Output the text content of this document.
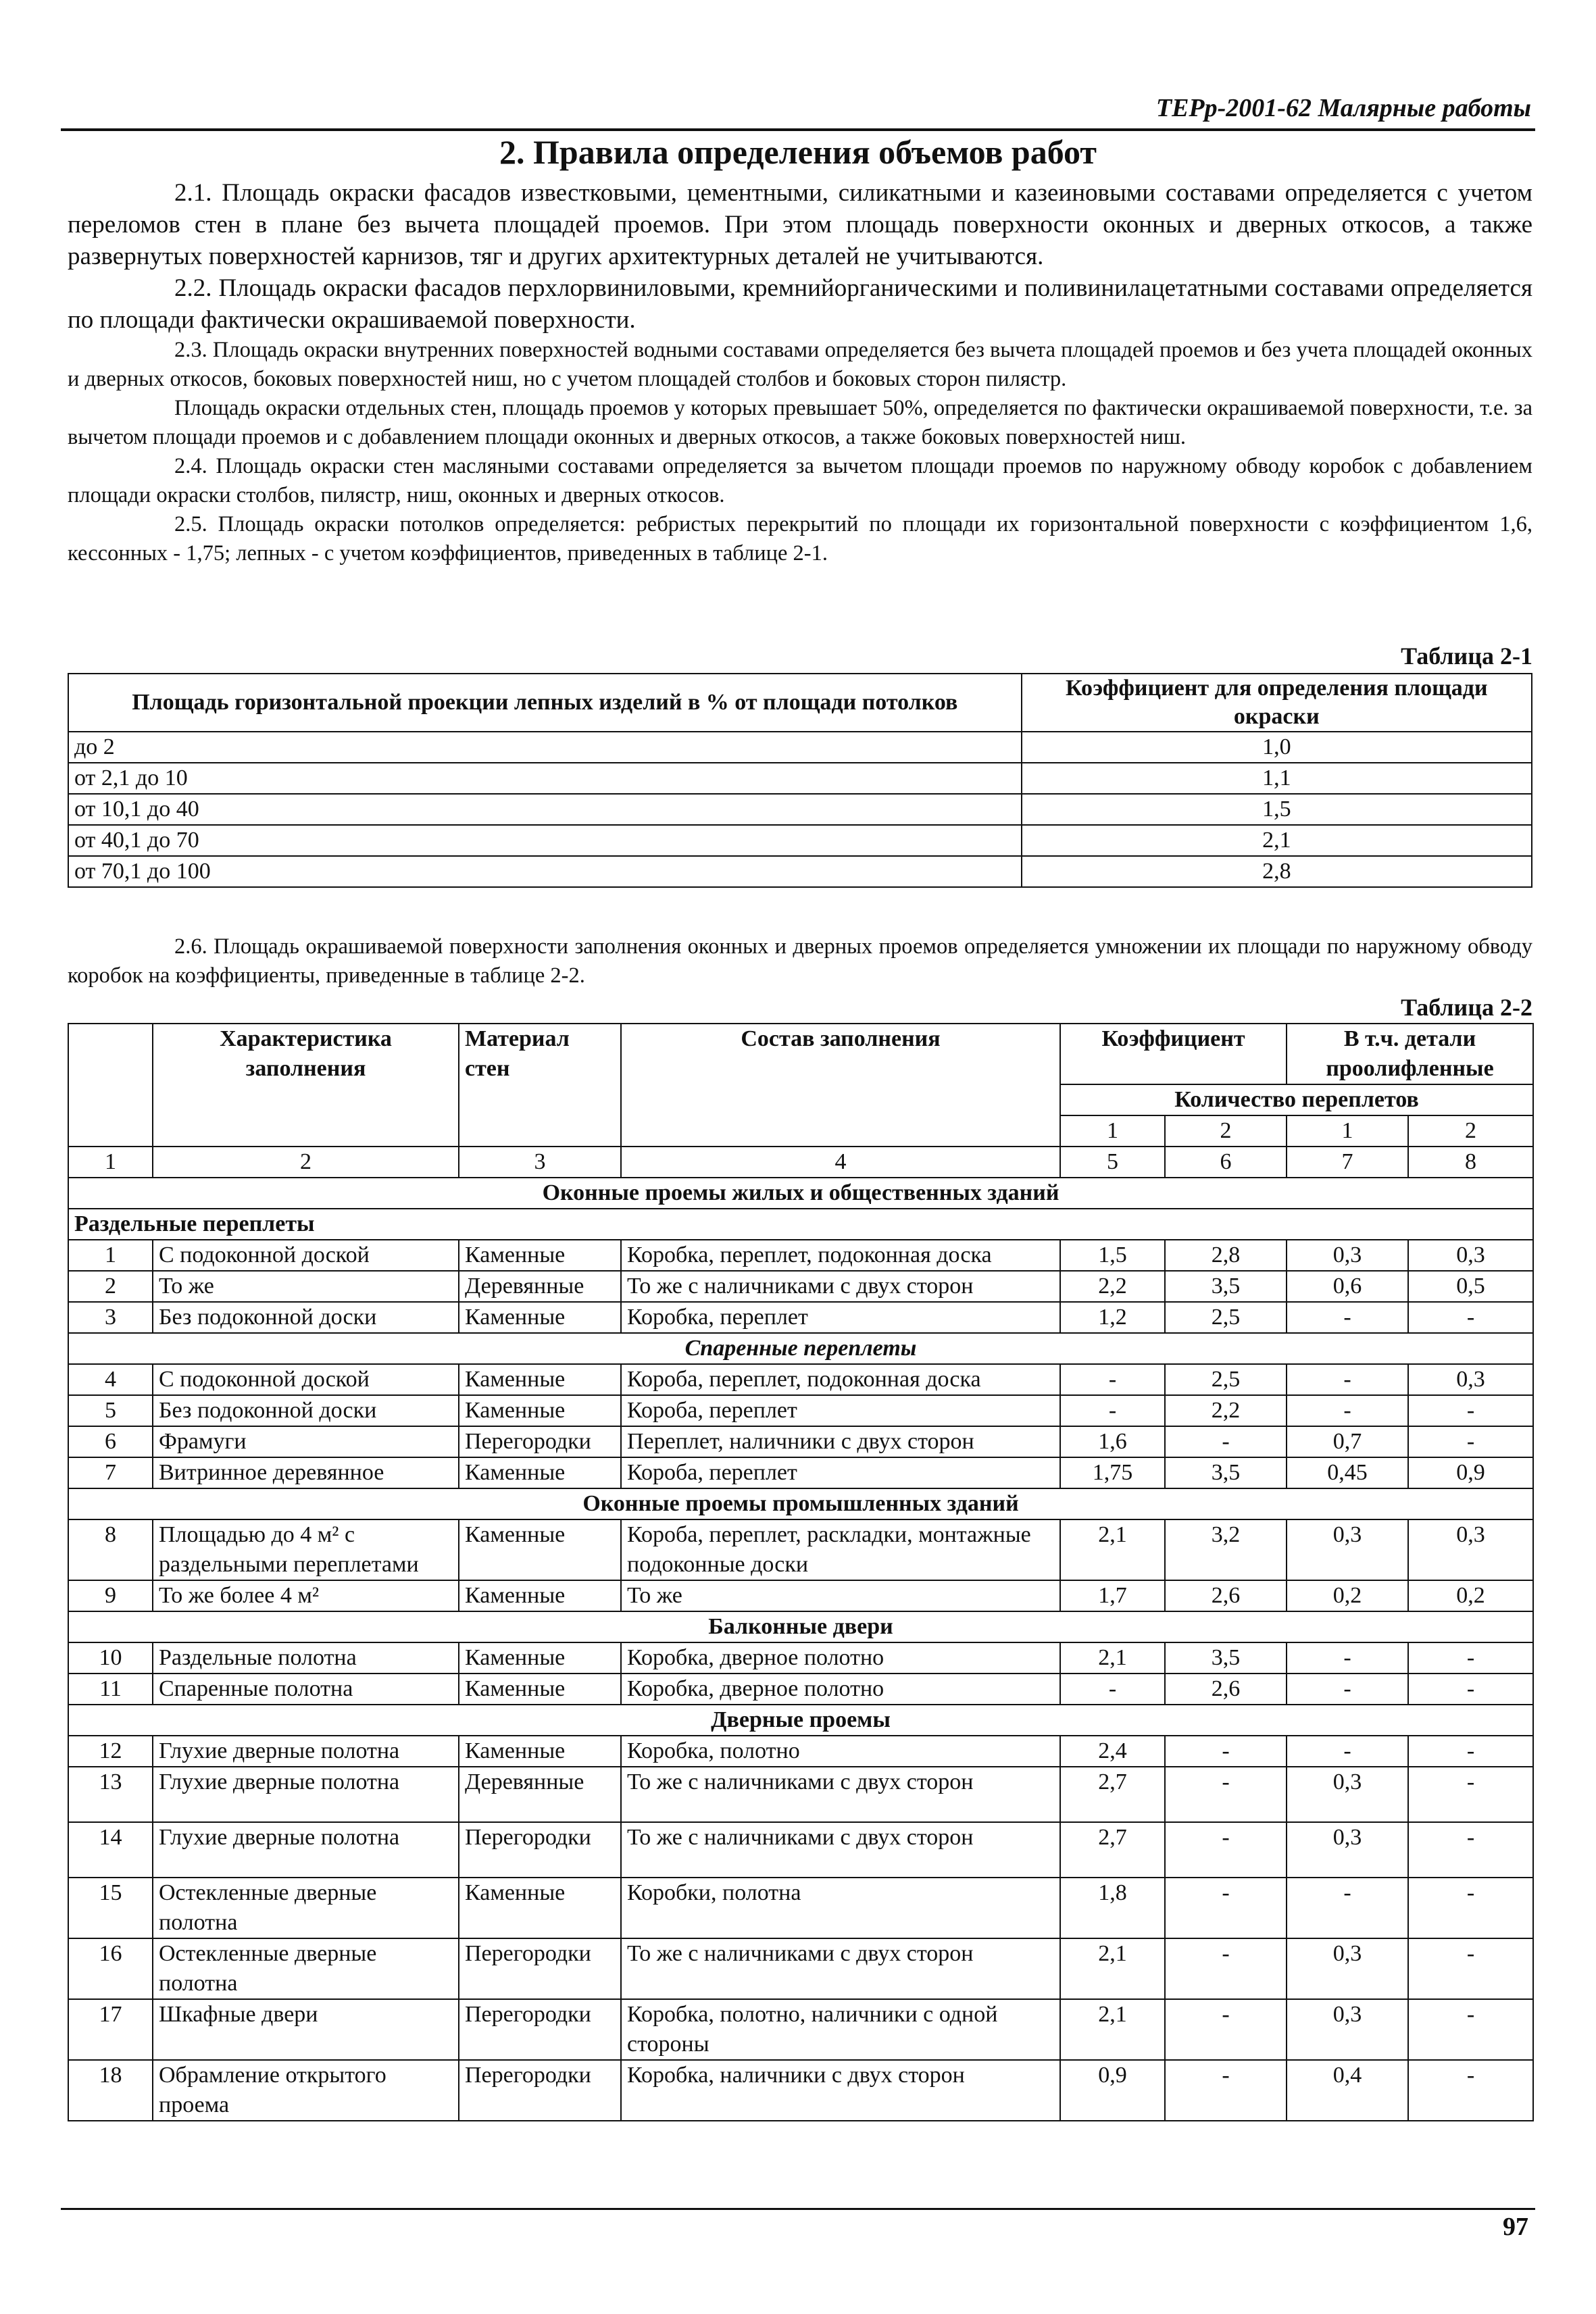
ТЕРр-2001-62 Малярные работы
2. Правила определения объемов работ

2.1. Площадь окраски фасадов известковыми, цементными, силикатными и казеиновыми составами определяется с учетом переломов стен в плане без вычета площадей проемов. При этом площадь поверхности оконных и дверных откосов, а также развернутых поверхностей карнизов, тяг и других архитектурных деталей не учитываются.

2.2. Площадь окраски фасадов перхлорвиниловыми, кремнийорганическими и поливинилацетатными составами определяется по площади фактически окрашиваемой поверхности.

2.3. Площадь окраски внутренних поверхностей водными составами определяется без вычета площадей проемов и без учета площадей оконных и дверных откосов, боковых поверхностей ниш, но с учетом площадей столбов и боковых сторон пилястр.

Площадь окраски отдельных стен, площадь проемов у которых превышает 50%, определяется по фактически окрашиваемой поверхности, т.е. за вычетом площади проемов и с добавлением площади оконных и дверных откосов, а также боковых поверхностей ниш.

2.4. Площадь окраски стен масляными составами определяется за вычетом площади проемов по наружному обводу коробок с добавлением площади окраски столбов, пилястр, ниш, оконных и дверных откосов.

2.5. Площадь окраски потолков определяется: ребристых перекрытий по площади их горизонтальной поверхности с коэффициентом 1,6, кессонных - 1,75; лепных - с учетом коэффициентов, приведенных в таблице 2-1.

Таблица 2-1
Площадь горизонтальной проекции лепных изделий в % от площади потолков	Коэффициент для определения площади окраски
до 2	1,0
от 2,1 до 10	1,1
от 10,1 до 40	1,5
от 40,1 до 70	2,1
от 70,1 до 100	2,8

2.6. Площадь окрашиваемой поверхности заполнения оконных и дверных проемов определяется умножении их площади по наружному обводу коробок на коэффициенты, приведенные в таблице 2-2.

Таблица 2-2
	Характеристика заполнения	Материал стен	Состав заполнения	Коэффициент		В т.ч. детали проолифленные	
				Количество переплетов			
				1	2	1	2
1	2	3	4	5	6	7	8
Оконные проемы жилых и общественных зданий							
Раздельные переплеты							
1	С подоконной доской	Каменные	Коробка, переплет, подоконная доска	1,5	2,8	0,3	0,3
2	То же	Деревянные	То же с наличниками с двух сторон	2,2	3,5	0,6	0,5
3	Без подоконной доски	Каменные	Коробка, переплет	1,2	2,5	-	-
Спаренные переплеты							
4	С подоконной доской	Каменные	Короба, переплет, подоконная доска	-	2,5	-	0,3
5	Без подоконной доски	Каменные	Короба, переплет	-	2,2	-	-
6	Фрамуги	Перегородки	Переплет, наличники с двух сторон	1,6	-	0,7	-
7	Витринное деревянное	Каменные	Короба, переплет	1,75	3,5	0,45	0,9
Оконные проемы промышленных зданий							
8	Площадью до 4 м² с раздельными переплетами	Каменные	Короба, переплет, раскладки, монтажные подоконные доски	2,1	3,2	0,3	0,3
9	То же более 4 м²	Каменные	То же	1,7	2,6	0,2	0,2
Балконные двери							
10	Раздельные полотна	Каменные	Коробка, дверное полотно	2,1	3,5	-	-
11	Спаренные полотна	Каменные	Коробка, дверное полотно	-	2,6	-	-
Дверные проемы							
12	Глухие дверные полотна	Каменные	Коробка, полотно	2,4	-	-	-
13	Глухие дверные полотна	Деревянные	То же с наличниками с двух сторон	2,7	-	0,3	-
14	Глухие дверные полотна	Перегородки	То же с наличниками с двух сторон	2,7	-	0,3	-
15	Остекленные дверные полотна	Каменные	Коробки, полотна	1,8	-	-	-
16	Остекленные дверные полотна	Перегородки	То же с наличниками с двух сторон	2,1	-	0,3	-
17	Шкафные двери	Перегородки	Коробка, полотно, наличники с одной стороны	2,1	-	0,3	-
18	Обрамление открытого проема	Перегородки	Коробка, наличники с двух сторон	0,9	-	0,4	-
97
